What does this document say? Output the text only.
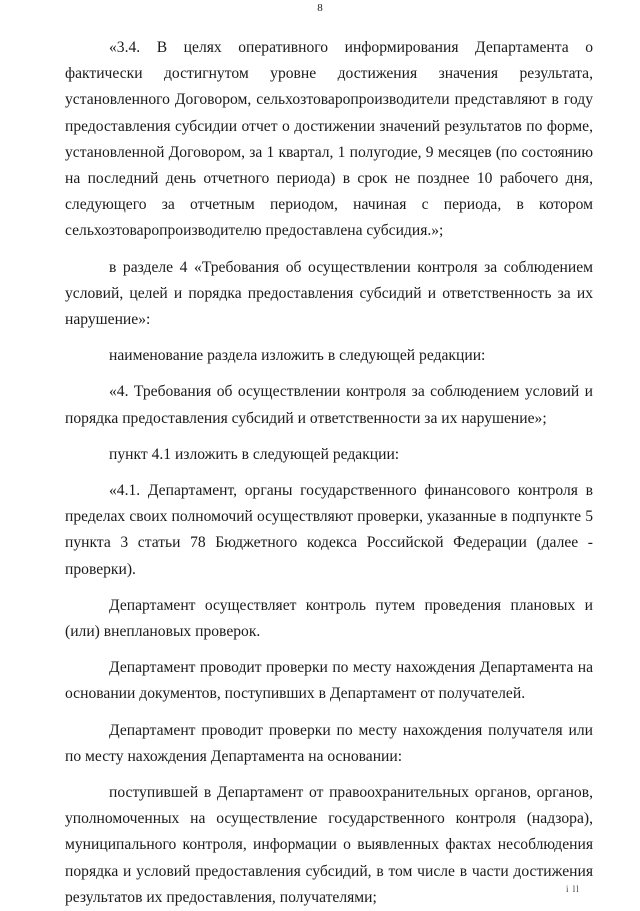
8

«3.4. В целях оперативного информирования Департамента о фактически достигнутом уровне достижения значения результата, установленного Договором, сельхозтоваропроизводители представляют в году предоставления субсидии отчет о достижении значений результатов по форме, установленной Договором, за 1 квартал, 1 полугодие, 9 месяцев (по состоянию на последний день отчетного периода) в срок не позднее 10 рабочего дня, следующего за отчетным периодом, начиная с периода, в котором сельхозтоваропроизводителю предоставлена субсидия.»;

в разделе 4 «Требования об осуществлении контроля за соблюдением условий, целей и порядка предоставления субсидий и ответственность за их нарушение»:

наименование раздела изложить в следующей редакции:

«4. Требования об осуществлении контроля за соблюдением условий и порядка предоставления субсидий и ответственности за их нарушение»;

пункт 4.1 изложить в следующей редакции:

«4.1. Департамент, органы государственного финансового контроля в пределах своих полномочий осуществляют проверки, указанные в подпункте 5 пункта 3 статьи 78 Бюджетного кодекса Российской Федерации (далее - проверки).

Департамент осуществляет контроль путем проведения плановых и (или) внеплановых проверок.

Департамент проводит проверки по месту нахождения Департамента на основании документов, поступивших в Департамент от получателей.

Департамент проводит проверки по месту нахождения получателя или по месту нахождения Департамента на основании:

поступившей в Департамент от правоохранительных органов, органов, уполномоченных на осуществление государственного контроля (надзора), муниципального контроля, информации о выявленных фактах несоблюдения порядка и условий предоставления субсидий, в том числе в части достижения результатов их предоставления, получателями;	i ll
